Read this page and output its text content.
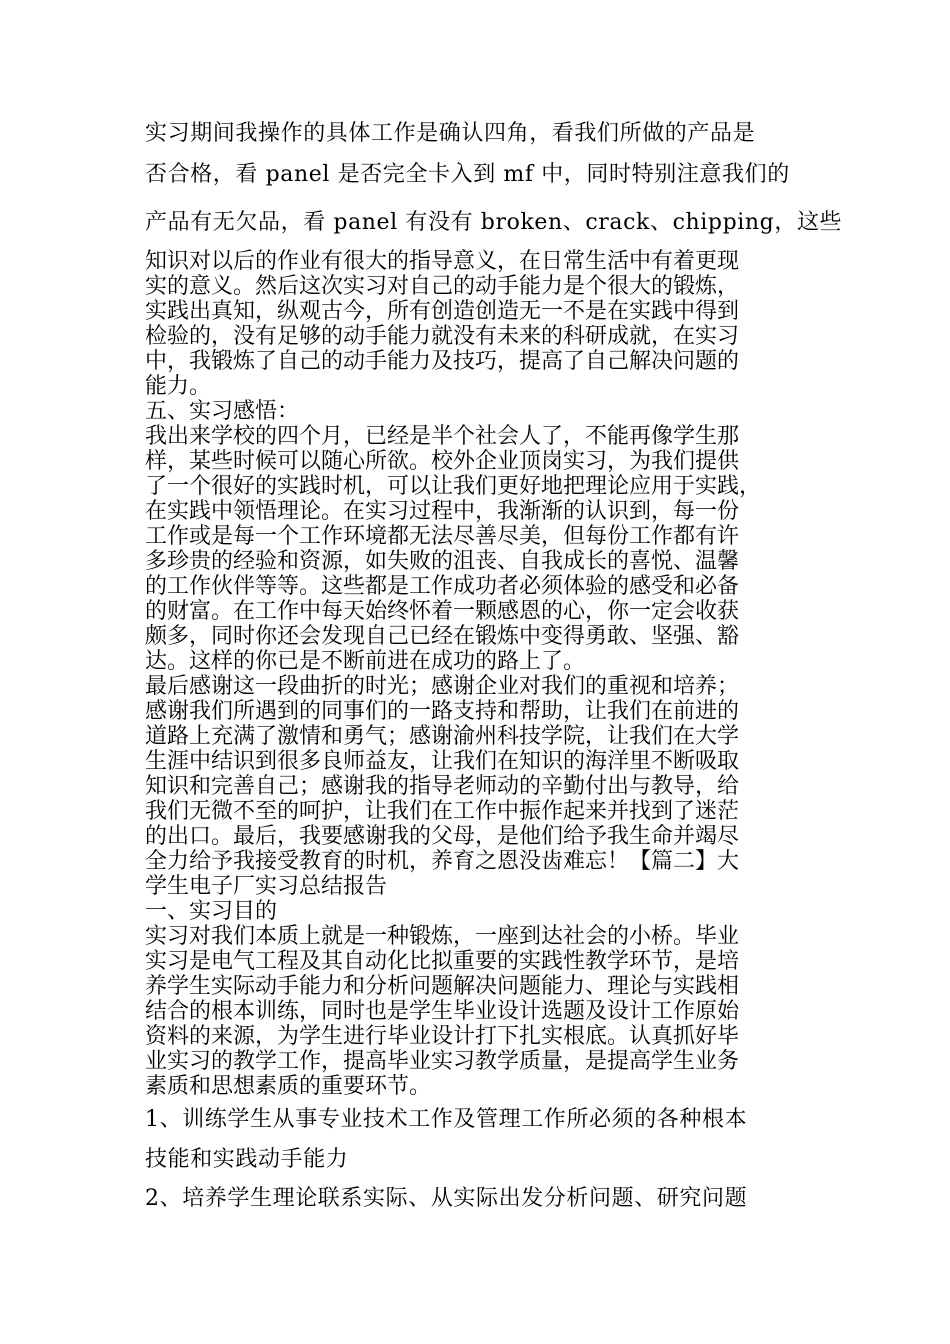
实习期间我操作的具体工作是确认四角，看我们所做的产品是
否合格，看 panel 是否完全卡入到 mf 中，同时特别注意我们的
产品有无欠品，看 panel 有没有 broken、crack、chipping，这些
知识对以后的作业有很大的指导意义，在日常生活中有着更现
实的意义。然后这次实习对自己的动手能力是个很大的锻炼，
实践出真知，纵观古今，所有创造创造无一不是在实践中得到
检验的，没有足够的动手能力就没有未来的科研成就，在实习
中，我锻炼了自己的动手能力及技巧，提高了自己解决问题的
能力。
五、实习感悟：
我出来学校的四个月，已经是半个社会人了，不能再像学生那
样，某些时候可以随心所欲。校外企业顶岗实习，为我们提供
了一个很好的实践时机，可以让我们更好地把理论应用于实践，
在实践中领悟理论。在实习过程中，我渐渐的认识到，每一份
工作或是每一个工作环境都无法尽善尽美，但每份工作都有许
多珍贵的经验和资源，如失败的沮丧、自我成长的喜悦、温馨
的工作伙伴等等。这些都是工作成功者必须体验的感受和必备
的财富。在工作中每天始终怀着一颗感恩的心，你一定会收获
颇多，同时你还会发现自己已经在锻炼中变得勇敢、坚强、豁
达。这样的你已是不断前进在成功的路上了。
最后感谢这一段曲折的时光；感谢企业对我们的重视和培养；
感谢我们所遇到的同事们的一路支持和帮助，让我们在前进的
道路上充满了激情和勇气；感谢渝州科技学院，让我们在大学
生涯中结识到很多良师益友，让我们在知识的海洋里不断吸取
知识和完善自己；感谢我的指导老师动的辛勤付出与教导，给
我们无微不至的呵护，让我们在工作中振作起来并找到了迷茫
的出口。最后，我要感谢我的父母，是他们给予我生命并竭尽
全力给予我接受教育的时机，养育之恩没齿难忘！【篇二】大
学生电子厂实习总结报告
一、实习目的
实习对我们本质上就是一种锻炼，一座到达社会的小桥。毕业
实习是电气工程及其自动化比拟重要的实践性教学环节，是培
养学生实际动手能力和分析问题解决问题能力、理论与实践相
结合的根本训练，同时也是学生毕业设计选题及设计工作原始
资料的来源，为学生进行毕业设计打下扎实根底。认真抓好毕
业实习的教学工作，提高毕业实习教学质量，是提高学生业务
素质和思想素质的重要环节。
1、训练学生从事专业技术工作及管理工作所必须的各种根本
技能和实践动手能力
2、培养学生理论联系实际、从实际出发分析问题、研究问题
